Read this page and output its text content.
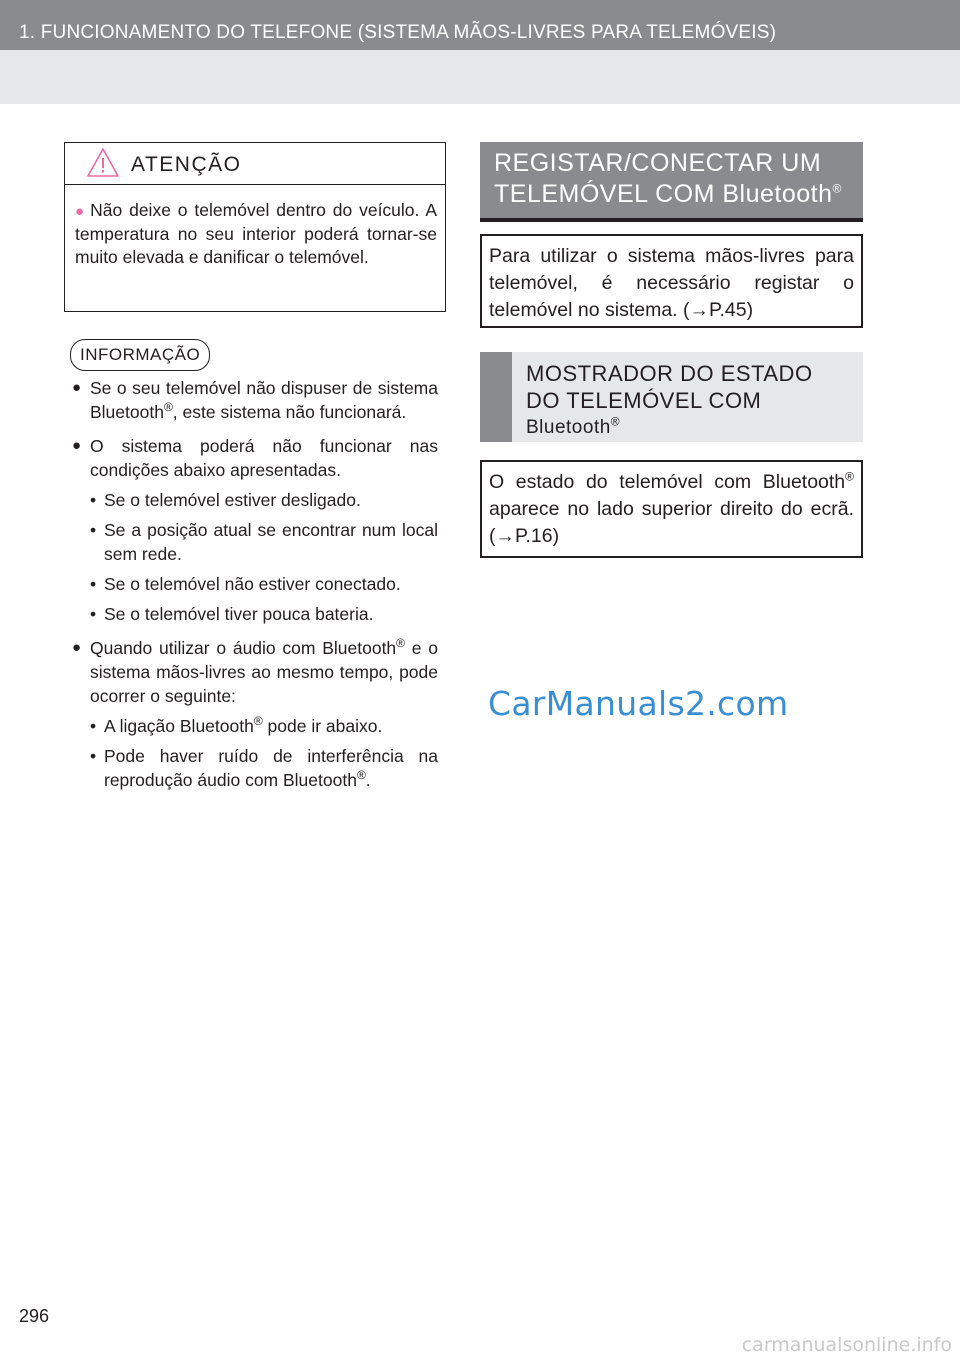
1. FUNCIONAMENTO DO TELEFONE (SISTEMA MÃOS-LIVRES PARA TELEMÓVEIS)
ATENÇÃO
● Não deixe o telemóvel dentro do veículo. A temperatura no seu interior poderá tornar-se muito elevada e danificar o telemóvel.
INFORMAÇÃO
● Se o seu telemóvel não dispuser de sistema Bluetooth®, este sistema não funcionará.
● O sistema poderá não funcionar nas condições abaixo apresentadas.
• Se o telemóvel estiver desligado.
• Se a posição atual se encontrar num local sem rede.
• Se o telemóvel não estiver conectado.
• Se o telemóvel tiver pouca bateria.
● Quando utilizar o áudio com Bluetooth® e o sistema mãos-livres ao mesmo tempo, pode ocorrer o seguinte:
• A ligação Bluetooth® pode ir abaixo.
• Pode haver ruído de interferência na reprodução áudio com Bluetooth®.
REGISTAR/CONECTAR UM
TELEMÓVEL COM Bluetooth®
Para utilizar o sistema mãos-livres para telemóvel, é necessário registar o telemóvel no sistema. (→P.45)
MOSTRADOR DO ESTADO
DO TELEMÓVEL COM
Bluetooth®
O estado do telemóvel com Bluetooth® aparece no lado superior direito do ecrã. (→P.16)
CarManuals2.com
296
carmanualsonline.info
